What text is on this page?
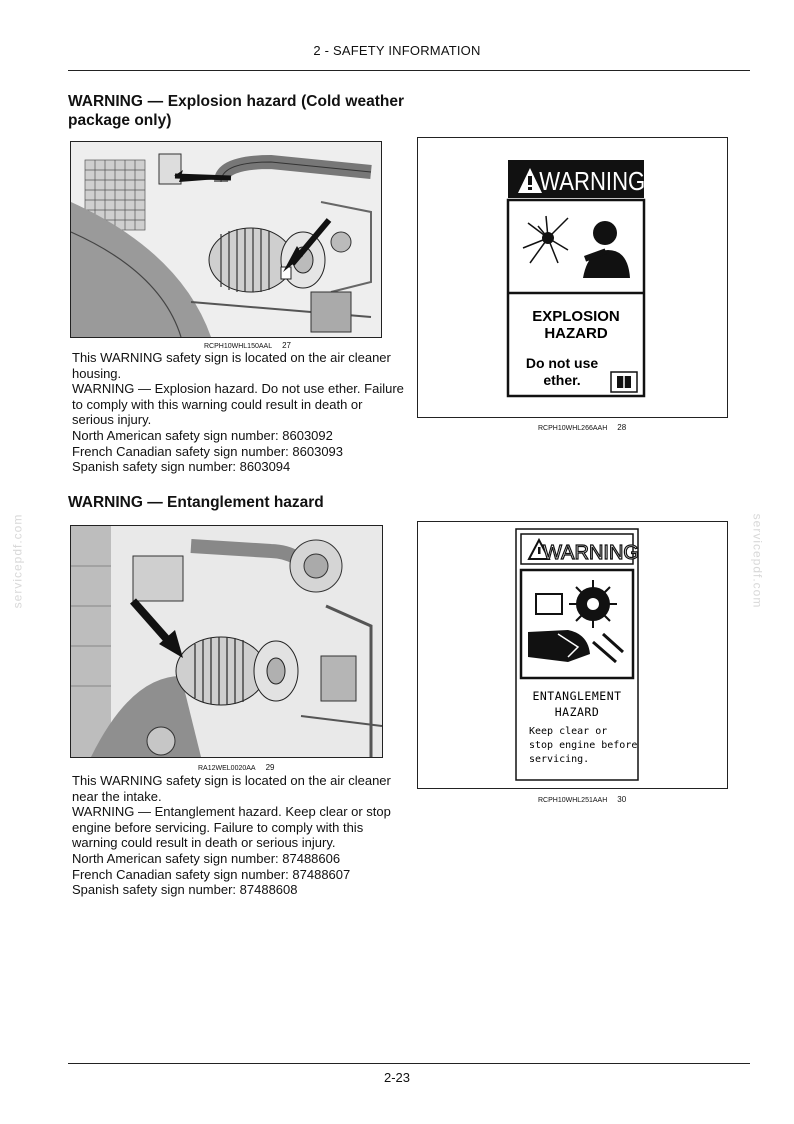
2 - SAFETY INFORMATION
servicepdf.com	servicepdf.com
WARNING — Explosion hazard (Cold weather package only)
RCPH10WHL150AAL 27

This WARNING safety sign is located on the air cleaner housing.

WARNING — Explosion hazard. Do not use ether. Failure to comply with this warning could result in death or serious injury.

North American safety sign number: 8603092

French Canadian safety sign number: 8603093

Spanish safety sign number: 8603094

WARNING
EXPLOSION
HAZARD
Do not use
ether.
RCPH10WHL266AAH 28
WARNING — Entanglement hazard
RA12WEL0020AA 29

This WARNING safety sign is located on the air cleaner near the intake.

WARNING — Entanglement hazard. Keep clear or stop engine before servicing. Failure to comply with this warning could result in death or serious injury.

North American safety sign number: 87488606

French Canadian safety sign number: 87488607

Spanish safety sign number: 87488608

WARNING
ENTANGLEMENT
HAZARD
Keep clear or
stop engine before
servicing.
RCPH10WHL251AAH 30
2-23
